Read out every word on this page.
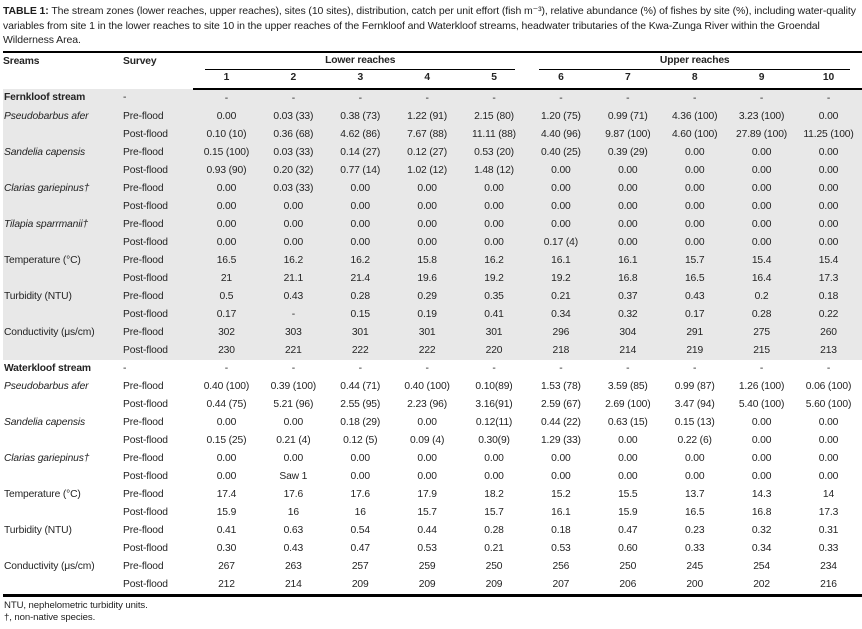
TABLE 1: The stream zones (lower reaches, upper reaches), sites (10 sites), distribution, catch per unit effort (fish m⁻³), relative abundance (%) of fishes by site (%), including water-quality variables from site 1 in the lower reaches to site 10 in the upper reaches of the Fernkloof and Waterkloof streams, headwater tributaries of the Kwa-Zunga River within the Groendal Wilderness Area.

Sreams	Survey	Lower reaches					Upper reaches				

		1	2	3	4	5	6	7	8	9	10
Fernkloof stream	-	-	-	-	-	-	-	-	-	-	-
Pseudobarbus afer	Pre-flood	0.00	0.03 (33)	0.38 (73)	1.22 (91)	2.15 (80)	1.20 (75)	0.99 (71)	4.36 (100)	3.23 (100)	0.00
	Post-flood	0.10 (10)	0.36 (68)	4.62 (86)	7.67 (88)	11.11 (88)	4.40 (96)	9.87 (100)	4.60 (100)	27.89 (100)	11.25 (100)
Sandelia capensis	Pre-flood	0.15 (100)	0.03 (33)	0.14 (27)	0.12 (27)	0.53 (20)	0.40 (25)	0.39 (29)	0.00	0.00	0.00
	Post-flood	0.93 (90)	0.20 (32)	0.77 (14)	1.02 (12)	1.48 (12)	0.00	0.00	0.00	0.00	0.00
Clarias gariepinus†	Pre-flood	0.00	0.03 (33)	0.00	0.00	0.00	0.00	0.00	0.00	0.00	0.00
	Post-flood	0.00	0.00	0.00	0.00	0.00	0.00	0.00	0.00	0.00	0.00
Tilapia sparrmanii†	Pre-flood	0.00	0.00	0.00	0.00	0.00	0.00	0.00	0.00	0.00	0.00
	Post-flood	0.00	0.00	0.00	0.00	0.00	0.17 (4)	0.00	0.00	0.00	0.00
Temperature (°C)	Pre-flood	16.5	16.2	16.2	15.8	16.2	16.1	16.1	15.7	15.4	15.4
	Post-flood	21	21.1	21.4	19.6	19.2	19.2	16.8	16.5	16.4	17.3
Turbidity (NTU)	Pre-flood	0.5	0.43	0.28	0.29	0.35	0.21	0.37	0.43	0.2	0.18
	Post-flood	0.17	-	0.15	0.19	0.41	0.34	0.32	0.17	0.28	0.22
Conductivity (μs/cm)	Pre-flood	302	303	301	301	301	296	304	291	275	260
	Post-flood	230	221	222	222	220	218	214	219	215	213
Waterkloof stream	-	-	-	-	-	-	-	-	-	-	-
Pseudobarbus afer	Pre-flood	0.40 (100)	0.39 (100)	0.44 (71)	0.40 (100)	0.10(89)	1.53 (78)	3.59 (85)	0.99 (87)	1.26 (100)	0.06 (100)
	Post-flood	0.44 (75)	5.21 (96)	2.55 (95)	2.23 (96)	3.16(91)	2.59 (67)	2.69 (100)	3.47 (94)	5.40 (100)	5.60 (100)
Sandelia capensis	Pre-flood	0.00	0.00	0.18 (29)	0.00	0.12(11)	0.44 (22)	0.63 (15)	0.15 (13)	0.00	0.00
	Post-flood	0.15 (25)	0.21 (4)	0.12 (5)	0.09 (4)	0.30(9)	1.29 (33)	0.00	0.22 (6)	0.00	0.00
Clarias gariepinus†	Pre-flood	0.00	0.00	0.00	0.00	0.00	0.00	0.00	0.00	0.00	0.00
	Post-flood	0.00	Saw 1	0.00	0.00	0.00	0.00	0.00	0.00	0.00	0.00
Temperature (°C)	Pre-flood	17.4	17.6	17.6	17.9	18.2	15.2	15.5	13.7	14.3	14
	Post-flood	15.9	16	16	15.7	15.7	16.1	15.9	16.5	16.8	17.3
Turbidity (NTU)	Pre-flood	0.41	0.63	0.54	0.44	0.28	0.18	0.47	0.23	0.32	0.31
	Post-flood	0.30	0.43	0.47	0.53	0.21	0.53	0.60	0.33	0.34	0.33
Conductivity (μs/cm)	Pre-flood	267	263	257	259	250	256	250	245	254	234
	Post-flood	212	214	209	209	209	207	206	200	202	216
NTU, nephelometric turbidity units.
†, non-native species.
